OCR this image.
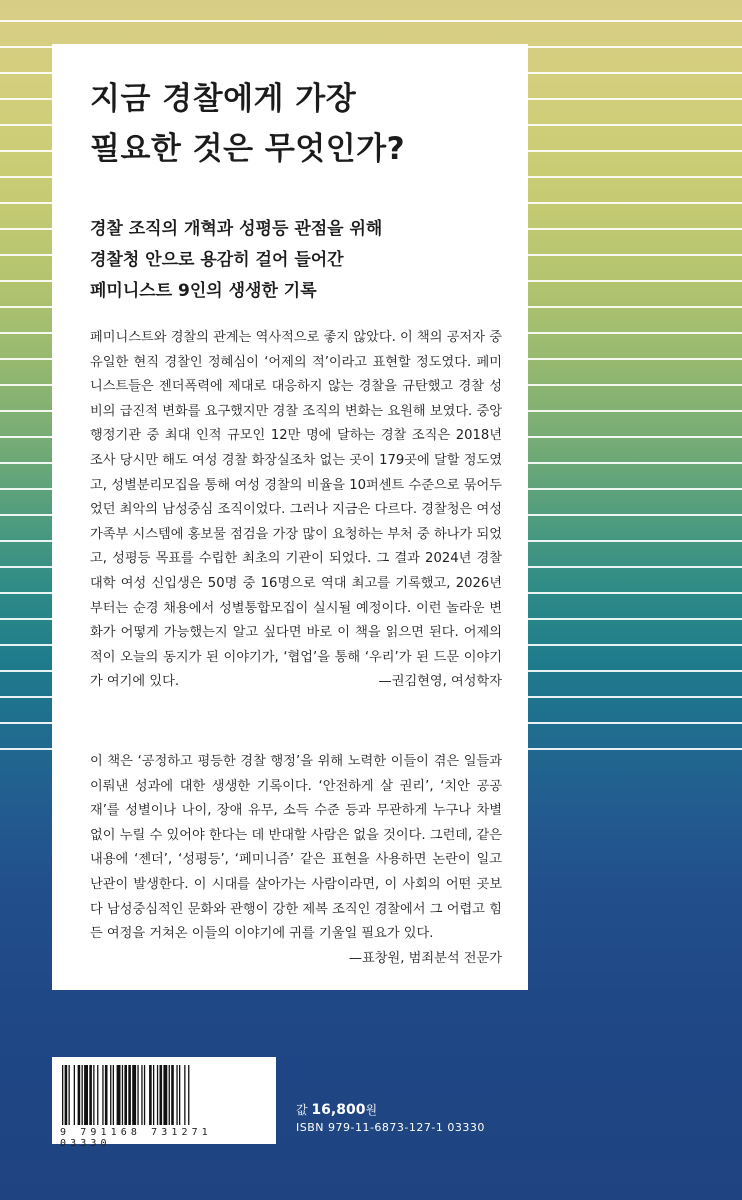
지금 경찰에게 가장
필요한 것은 무엇인가?
경찰 조직의 개혁과 성평등 관점을 위해
경찰청 안으로 용감히 걸어 들어간
페미니스트 9인의 생생한 기록
페미니스트와 경찰의 관계는 역사적으로 좋지 않았다. 이 책의 공저자 중 유일한 현직 경찰인 정혜심이 ‘어제의 적’이라고 표현할 정도였다. 페미니스트들은 젠더폭력에 제대로 대응하지 않는 경찰을 규탄했고 경찰 성비의 급진적 변화를 요구했지만 경찰 조직의 변화는 요원해 보였다. 중앙행정기관 중 최대 인적 규모인 12만 명에 달하는 경찰 조직은 2018년 조사 당시만 해도 여성 경찰 화장실조차 없는 곳이 179곳에 달할 정도였고, 성별분리모집을 통해 여성 경찰의 비율을 10퍼센트 수준으로 묶어두었던 최악의 남성중심 조직이었다. 그러나 지금은 다르다. 경찰청은 여성가족부 시스템에 홍보물 점검을 가장 많이 요청하는 부처 중 하나가 되었고, 성평등 목표를 수립한 최초의 기관이 되었다. 그 결과 2024년 경찰대학 여성 신입생은 50명 중 16명으로 역대 최고를 기록했고, 2026년부터는 순경 채용에서 성별통합모집이 실시될 예정이다. 이런 놀라운 변화가 어떻게 가능했는지 알고 싶다면 바로 이 책을 읽으면 된다. 어제의 적이 오늘의 동지가 된 이야기가, ‘협업’을 통해 ‘우리’가 된 드문 이야기가 여기에 있다.	—권김현영, 여성학자
이 책은 ‘공정하고 평등한 경찰 행정’을 위해 노력한 이들이 겪은 일들과 이뤄낸 성과에 대한 생생한 기록이다. ‘안전하게 살 권리’, ‘치안 공공재’를 성별이나 나이, 장애 유무, 소득 수준 등과 무관하게 누구나 차별 없이 누릴 수 있어야 한다는 데 반대할 사람은 없을 것이다. 그런데, 같은 내용에 ‘젠더’, ‘성평등’, ‘페미니즘’ 같은 표현을 사용하면 논란이 일고 난관이 발생한다. 이 시대를 살아가는 사람이라면, 이 사회의 어떤 곳보다 남성중심적인 문화와 관행이 강한 제복 조직인 경찰에서 그 어렵고 힘든 여정을 거쳐온 이들의 이야기에 귀를 기울일 필요가 있다.
—표창원, 범죄분석 전문가
9 791168 731271 03330
값 16,800원
ISBN 979-11-6873-127-1 03330
